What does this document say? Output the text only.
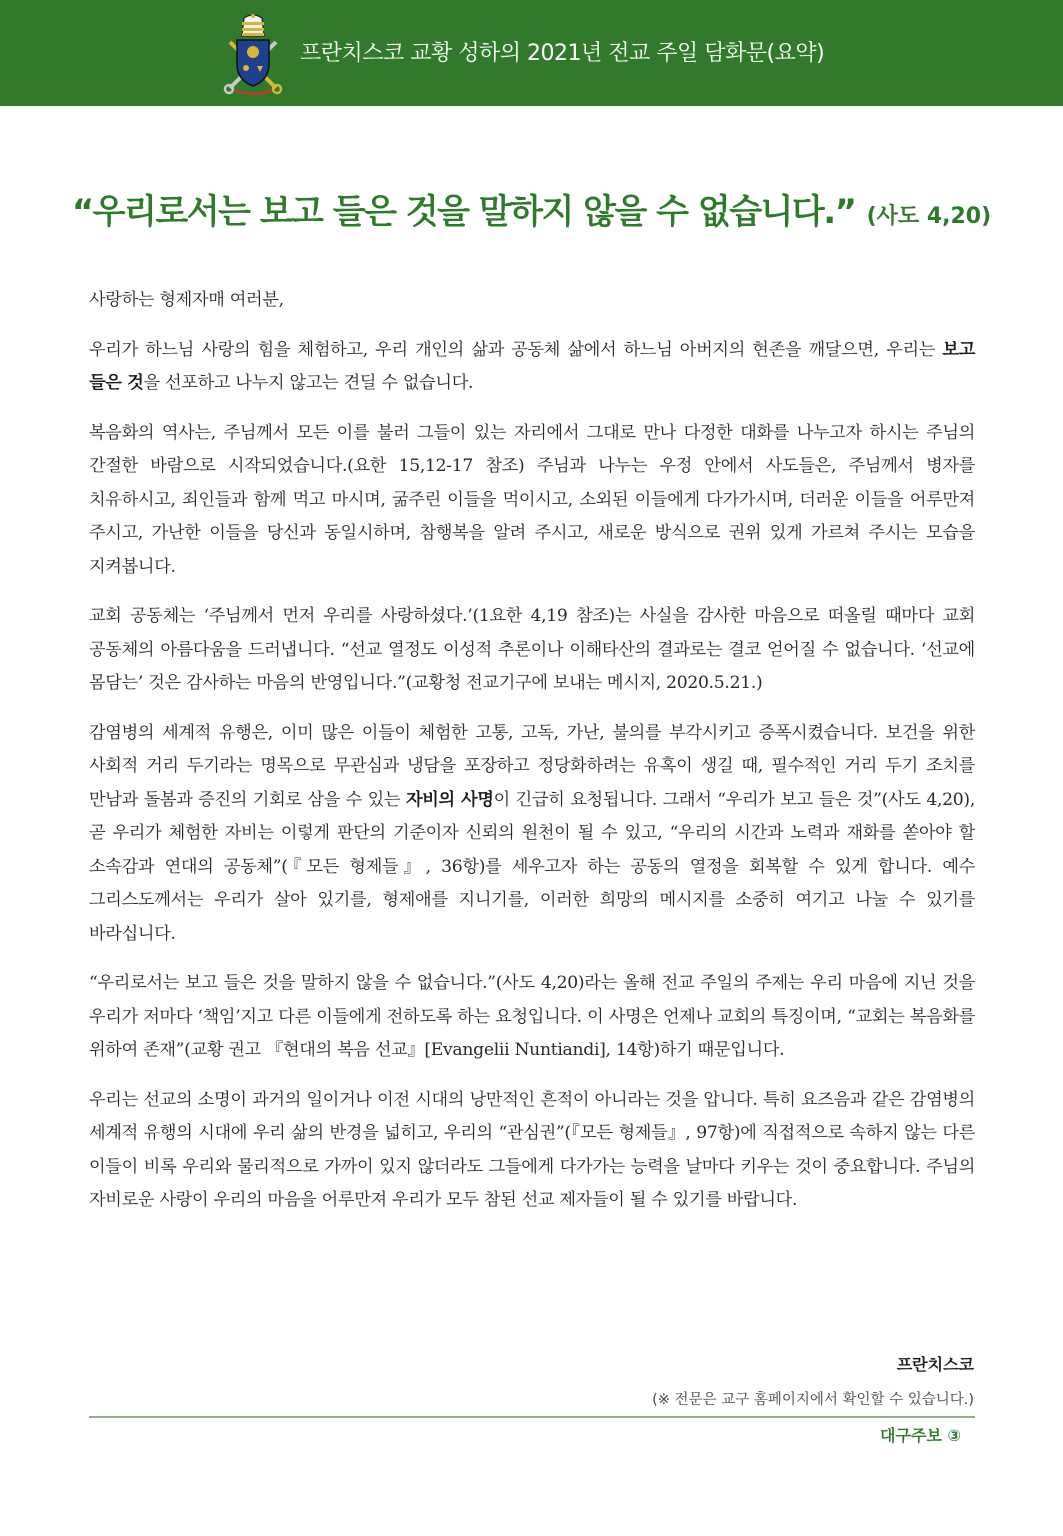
프란치스코 교황 성하의 2021년 전교 주일 담화문(요약)
“우리로서는 보고 들은 것을 말하지 않을 수 없습니다.” (사도 4,20)

사랑하는 형제자매 여러분,

우리가 하느님 사랑의 힘을 체험하고, 우리 개인의 삶과 공동체 삶에서 하느님 아버지의 현존을 깨달으면, 우리는 보고 들은 것을 선포하고 나누지 않고는 견딜 수 없습니다.

복음화의 역사는, 주님께서 모든 이를 불러 그들이 있는 자리에서 그대로 만나 다정한 대화를 나누고자 하시는 주님의 간절한 바람으로 시작되었습니다.(요한 15,12-17 참조) 주님과 나누는 우정 안에서 사도들은, 주님께서 병자를 치유하시고, 죄인들과 함께 먹고 마시며, 굶주린 이들을 먹이시고, 소외된 이들에게 다가가시며, 더러운 이들을 어루만져 주시고, 가난한 이들을 당신과 동일시하며, 참행복을 알려 주시고, 새로운 방식으로 권위 있게 가르쳐 주시는 모습을 지켜봅니다.

교회 공동체는 ‘주님께서 먼저 우리를 사랑하셨다.’(1요한 4,19 참조)는 사실을 감사한 마음으로 떠올릴 때마다 교회 공동체의 아름다움을 드러냅니다. “선교 열정도 이성적 추론이나 이해타산의 결과로는 결코 얻어질 수 없습니다. ‘선교에 몸담는’ 것은 감사하는 마음의 반영입니다.”(교황청 전교기구에 보내는 메시지, 2020.5.21.)

감염병의 세계적 유행은, 이미 많은 이들이 체험한 고통, 고독, 가난, 불의를 부각시키고 증폭시켰습니다. 보건을 위한 사회적 거리 두기라는 명목으로 무관심과 냉담을 포장하고 정당화하려는 유혹이 생길 때, 필수적인 거리 두기 조치를 만남과 돌봄과 증진의 기회로 삼을 수 있는 자비의 사명이 긴급히 요청됩니다. 그래서 “우리가 보고 들은 것”(사도 4,20), 곧 우리가 체험한 자비는 이렇게 판단의 기준이자 신뢰의 원천이 될 수 있고, “우리의 시간과 노력과 재화를 쏟아야 할 소속감과 연대의 공동체”(『모든 형제들』, 36항)를 세우고자 하는 공동의 열정을 회복할 수 있게 합니다. 예수 그리스도께서는 우리가 살아 있기를, 형제애를 지니기를, 이러한 희망의 메시지를 소중히 여기고 나눌 수 있기를 바라십니다.

“우리로서는 보고 들은 것을 말하지 않을 수 없습니다.”(사도 4,20)라는 올해 전교 주일의 주제는 우리 마음에 지닌 것을 우리가 저마다 ‘책임’지고 다른 이들에게 전하도록 하는 요청입니다. 이 사명은 언제나 교회의 특징이며, “교회는 복음화를 위하여 존재”(교황 권고 『현대의 복음 선교』[Evangelii Nuntiandi], 14항)하기 때문입니다.

우리는 선교의 소명이 과거의 일이거나 이전 시대의 낭만적인 흔적이 아니라는 것을 압니다. 특히 요즈음과 같은 감염병의 세계적 유행의 시대에 우리 삶의 반경을 넓히고, 우리의 “관심권”(『모든 형제들』, 97항)에 직접적으로 속하지 않는 다른 이들이 비록 우리와 물리적으로 가까이 있지 않더라도 그들에게 다가가는 능력을 날마다 키우는 것이 중요합니다. 주님의 자비로운 사랑이 우리의 마음을 어루만져 우리가 모두 참된 선교 제자들이 될 수 있기를 바랍니다.

프란치스코
(※ 전문은 교구 홈페이지에서 확인할 수 있습니다.)
대구주보 ③
